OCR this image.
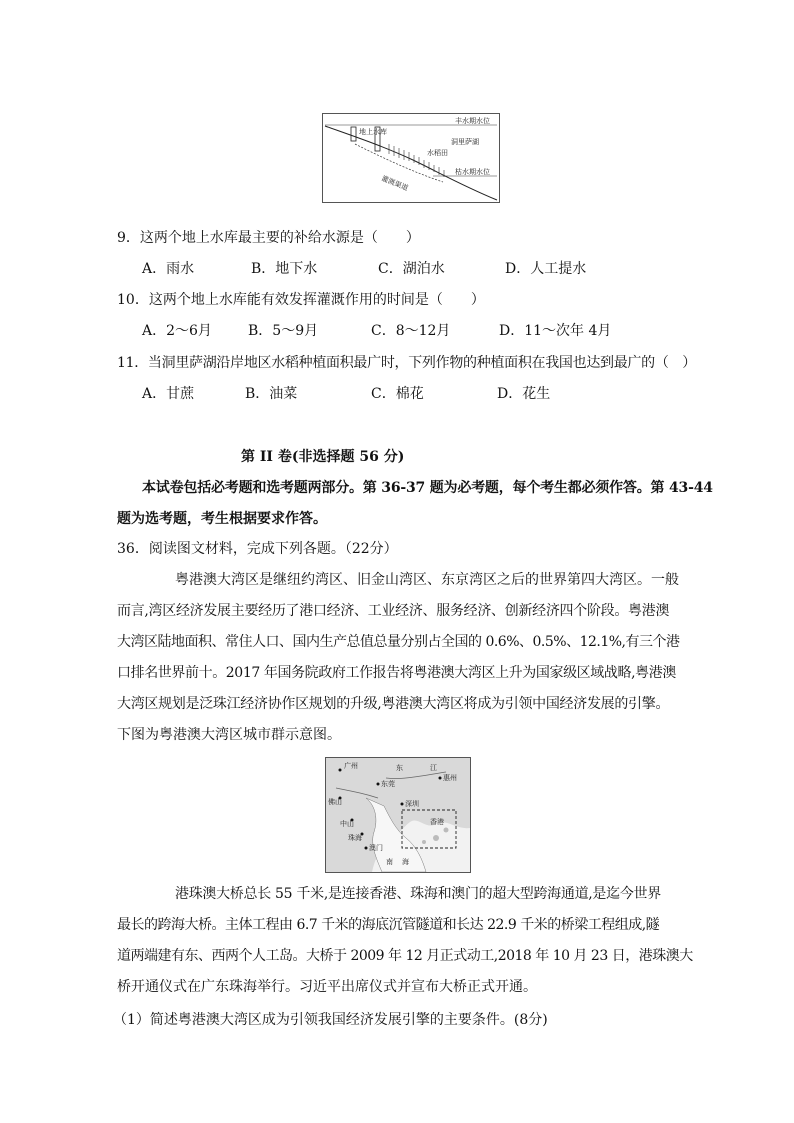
丰水期水位
枯水期水位
洞里萨湖
水稻田
地上水库
灌溉渠道
9．这两个地上水库最主要的补给水源是（　　）
A．雨水	B．地下水	C．湖泊水	D．人工提水
10．这两个地上水库能有效发挥灌溉作用的时间是（　　）
A．2～6月	B．5～9月	C．8～12月	D．11～次年 4月
11．当洞里萨湖沿岸地区水稻种植面积最广时，下列作物的种植面积在我国也达到最广的（　）
A．甘蔗	B．油菜	C．棉花	D．花生
第 II 卷(非选择题 56 分)
本试卷包括必考题和选考题两部分。第 36-37 题为必考题，每个考生都必须作答。第 43-44
题为选考题，考生根据要求作答。
36．阅读图文材料，完成下列各题。（22分）
粤港澳大湾区是继纽约湾区、旧金山湾区、东京湾区之后的世界第四大湾区。一般
而言,湾区经济发展主要经历了港口经济、工业经济、服务经济、创新经济四个阶段。粤港澳
大湾区陆地面积、常住人口、国内生产总值总量分别占全国的 0.6%、0.5%、12.1%,有三个港
口排名世界前十。2017 年国务院政府工作报告将粤港澳大湾区上升为国家级区域战略,粤港澳
大湾区规划是泛珠江经济协作区规划的升级,粤港澳大湾区将成为引领中国经济发展的引擎。
下图为粤港澳大湾区城市群示意图。
广州
东莞
惠州
佛山
中山
深圳
珠海
澳门
香港
东	江
南 海
港珠澳大桥总长 55 千米,是连接香港、珠海和澳门的超大型跨海通道,是迄今世界
最长的跨海大桥。主体工程由 6.7 千米的海底沉管隧道和长达 22.9 千米的桥梁工程组成,隧
道两端建有东、西两个人工岛。大桥于 2009 年 12 月正式动工,2018 年 10 月 23 日，港珠澳大
桥开通仪式在广东珠海举行。习近平出席仪式并宣布大桥正式开通。
（1）简述粤港澳大湾区成为引领我国经济发展引擎的主要条件。(8分)
